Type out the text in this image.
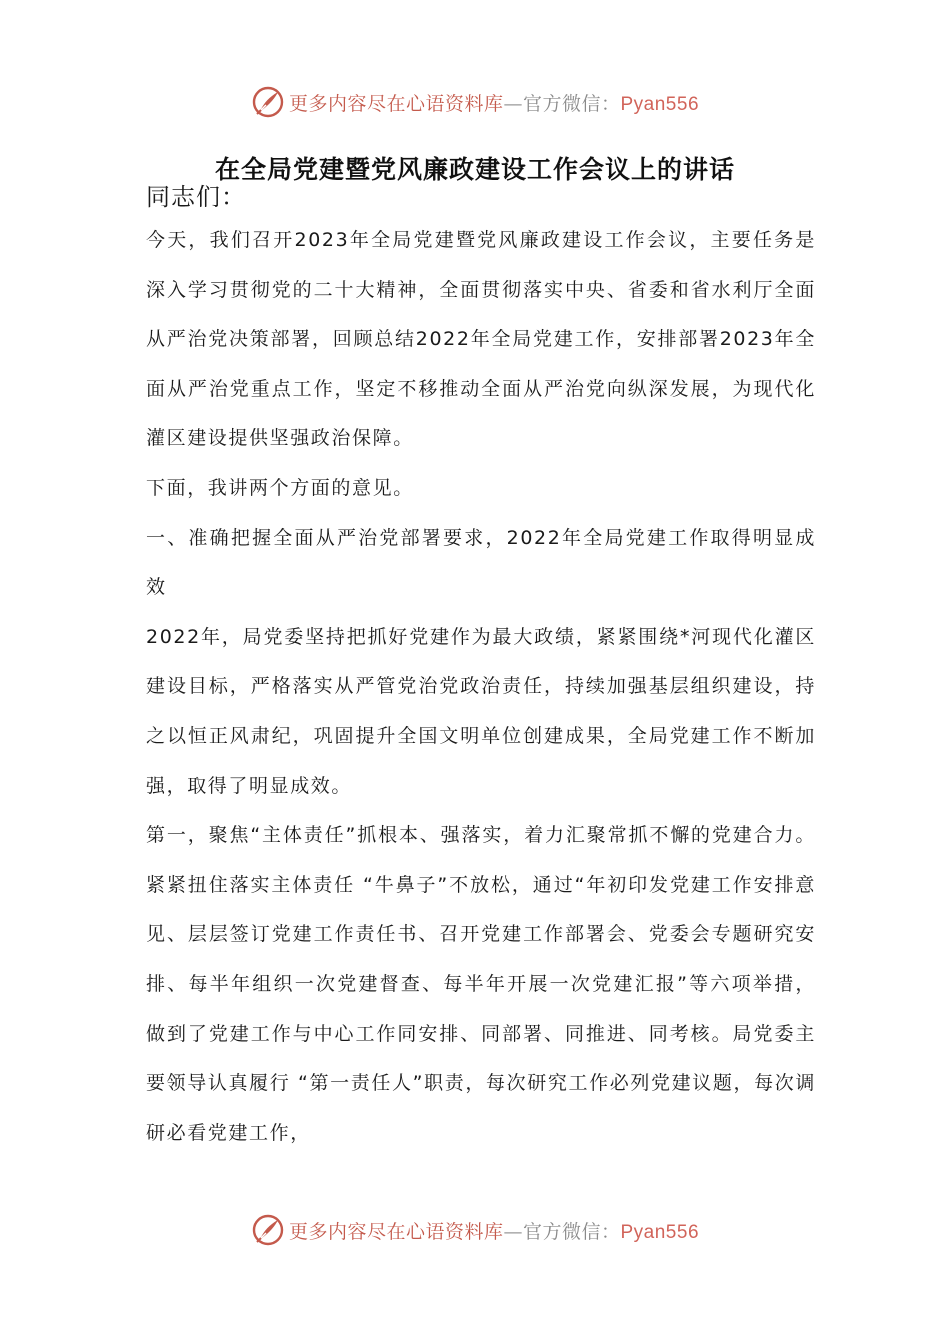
更多内容尽在心语资料库—官方微信：Pyan556
在全局党建暨党风廉政建设工作会议上的讲话

同志们：

今天，我们召开2023年全局党建暨党风廉政建设工作会议，主要任务是深入学习贯彻党的二十大精神，全面贯彻落实中央、省委和省水利厅全面从严治党决策部署，回顾总结2022年全局党建工作，安排部署2023年全面从严治党重点工作，坚定不移推动全面从严治党向纵深发展，为现代化灌区建设提供坚强政治保障。

下面，我讲两个方面的意见。

一、准确把握全面从严治党部署要求，2022年全局党建工作取得明显成效

2022年，局党委坚持把抓好党建作为最大政绩，紧紧围绕*河现代化灌区建设目标，严格落实从严管党治党政治责任，持续加强基层组织建设，持之以恒正风肃纪，巩固提升全国文明单位创建成果，全局党建工作不断加强，取得了明显成效。

第一，聚焦“主体责任”抓根本、强落实，着力汇聚常抓不懈的党建合力。紧紧扭住落实主体责任 “牛鼻子”不放松，通过“年初印发党建工作安排意见、层层签订党建工作责任书、召开党建工作部署会、党委会专题研究安排、每半年组织一次党建督查、每半年开展一次党建汇报”等六项举措，做到了党建工作与中心工作同安排、同部署、同推进、同考核。局党委主要领导认真履行 “第一责任人”职责，每次研究工作必列党建议题，每次调研必看党建工作，

更多内容尽在心语资料库—官方微信：Pyan556
